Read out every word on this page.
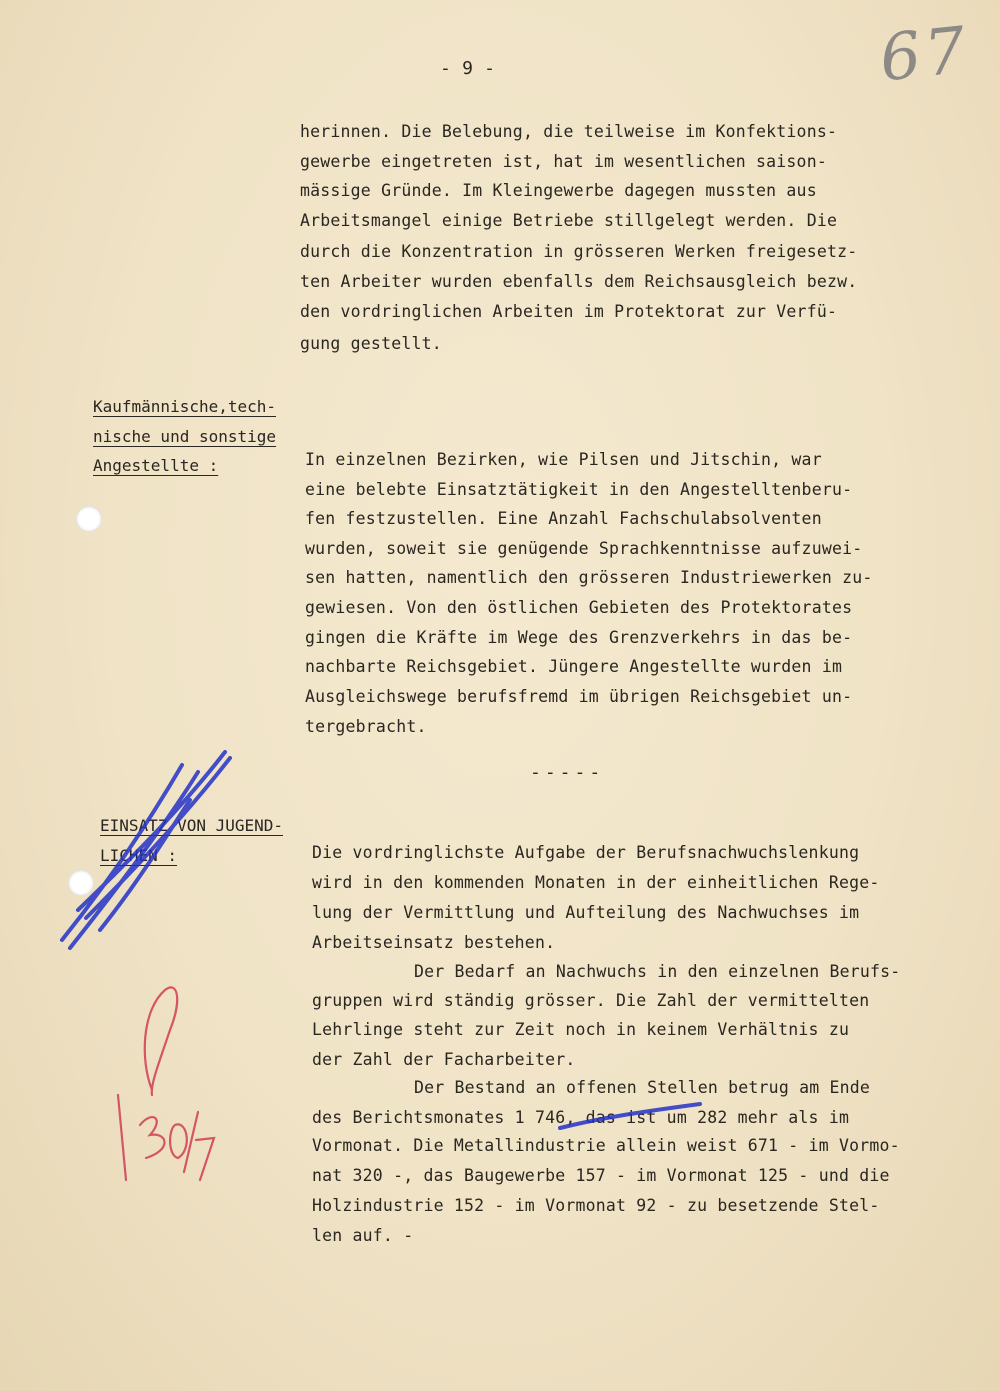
- 9 -	67
herinnen. Die Belebung, die teilweise im Konfektions-
gewerbe eingetreten ist, hat im wesentlichen saison-
mässige Gründe. Im Kleingewerbe dagegen mussten aus
Arbeitsmangel einige Betriebe stillgelegt werden. Die
durch die Konzentration in grösseren Werken freigesetz-
ten Arbeiter wurden ebenfalls dem Reichsausgleich bezw.
den vordringlichen Arbeiten im Protektorat zur Verfü-
gung gestellt.
Kaufmännische,tech-
nische und sonstige
Angestellte :	In einzelnen Bezirken, wie Pilsen und Jitschin, war
eine belebte Einsatztätigkeit in den Angestelltenberu-
fen festzustellen. Eine Anzahl Fachschulabsolventen
wurden, soweit sie genügende Sprachkenntnisse aufzuwei-
sen hatten, namentlich den grösseren Industriewerken zu-
gewiesen. Von den östlichen Gebieten des Protektorates
gingen die Kräfte im Wege des Grenzverkehrs in das be-
nachbarte Reichsgebiet. Jüngere Angestellte wurden im
Ausgleichswege berufsfremd im übrigen Reichsgebiet un-
tergebracht.
-----
EINSATZ VON JUGEND-
LICHEN :	Die vordringlichste Aufgabe der Berufsnachwuchslenkung
wird in den kommenden Monaten in der einheitlichen Rege-
lung der Vermittlung und Aufteilung des Nachwuchses im
Arbeitseinsatz bestehen.
Der Bedarf an Nachwuchs in den einzelnen Berufs-
gruppen wird ständig grösser. Die Zahl der vermittelten
Lehrlinge steht zur Zeit noch in keinem Verhältnis zu
der Zahl der Facharbeiter.
Der Bestand an offenen Stellen betrug am Ende
des Berichtsmonates 1 746, das ist um 282 mehr als im
Vormonat. Die Metallindustrie allein weist 671 - im Vormo-
nat 320 -, das Baugewerbe 157 - im Vormonat 125 - und die
Holzindustrie 152 - im Vormonat 92 - zu besetzende Stel-
len auf. -
